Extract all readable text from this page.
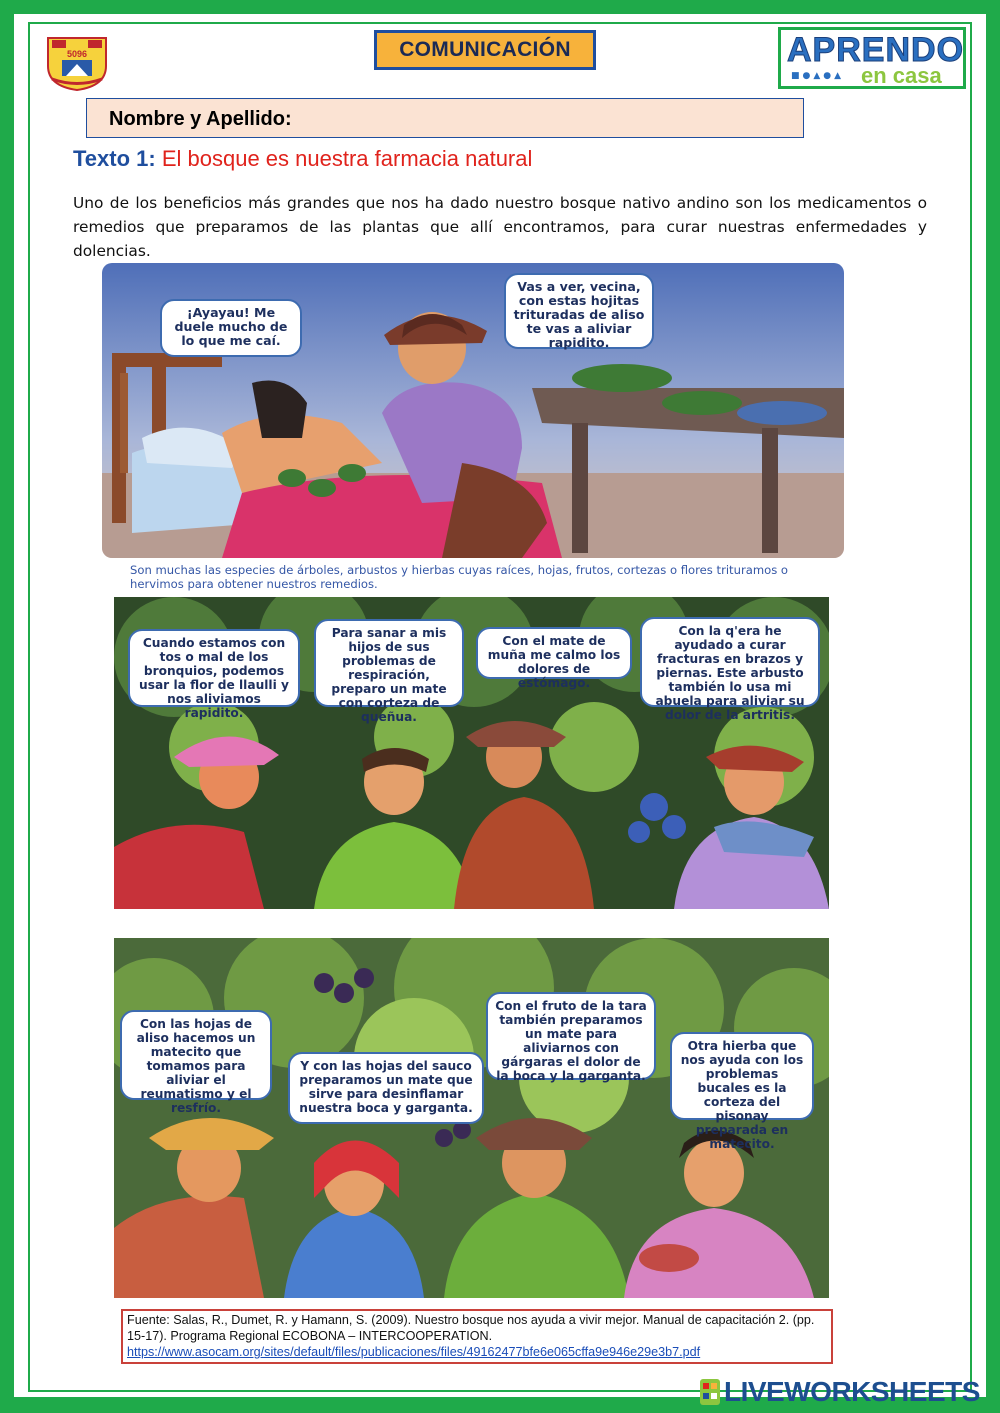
5096	COMUNICACIÓN	APRENDO
■●▲●▲ en casa
Nombre y Apellido:
Texto 1: El bosque es nuestra farmacia natural
Uno de los beneficios más grandes que nos ha dado nuestro bosque nativo andino son los medicamentos o remedios que preparamos de las plantas que allí encontramos, para curar nuestras enfermedades y dolencias.
¡Ayayau! Me duele mucho de lo que me caí.
Vas a ver, vecina, con estas hojitas trituradas de aliso te vas a aliviar rapidito.
Son muchas las especies de árboles, arbustos y hierbas cuyas raíces, hojas, frutos, cortezas o flores trituramos o hervimos para obtener nuestros remedios.
Cuando estamos con tos o mal de los bronquios, podemos usar la flor de llaulli y nos aliviamos rapidito.
Para sanar a mis hijos de sus problemas de respiración, preparo un mate con corteza de queñua.
Con el mate de muña me calmo los dolores de estómago.
Con la q'era he ayudado a curar fracturas en brazos y piernas. Este arbusto también lo usa mi abuela para aliviar su dolor de la artritis.
Con las hojas de aliso hacemos un matecito que tomamos para aliviar el reumatismo y el resfrío.
Y con las hojas del sauco preparamos un mate que sirve para desinflamar nuestra boca y garganta.
Con el fruto de la tara también preparamos un mate para aliviarnos con gárgaras el dolor de la boca y la garganta.
Otra hierba que nos ayuda con los problemas bucales es la corteza del pisonay preparada en matecito.
Fuente: Salas, R., Dumet, R. y Hamann, S. (2009). Nuestro bosque nos ayuda a vivir mejor. Manual de capacitación 2. (pp. 15-17). Programa Regional ECOBONA – INTERCOOPERATION.
https://www.asocam.org/sites/default/files/publicaciones/files/49162477bfe6e065cffa9e946e29e3b7.pdf
LIVEWORKSHEETS
